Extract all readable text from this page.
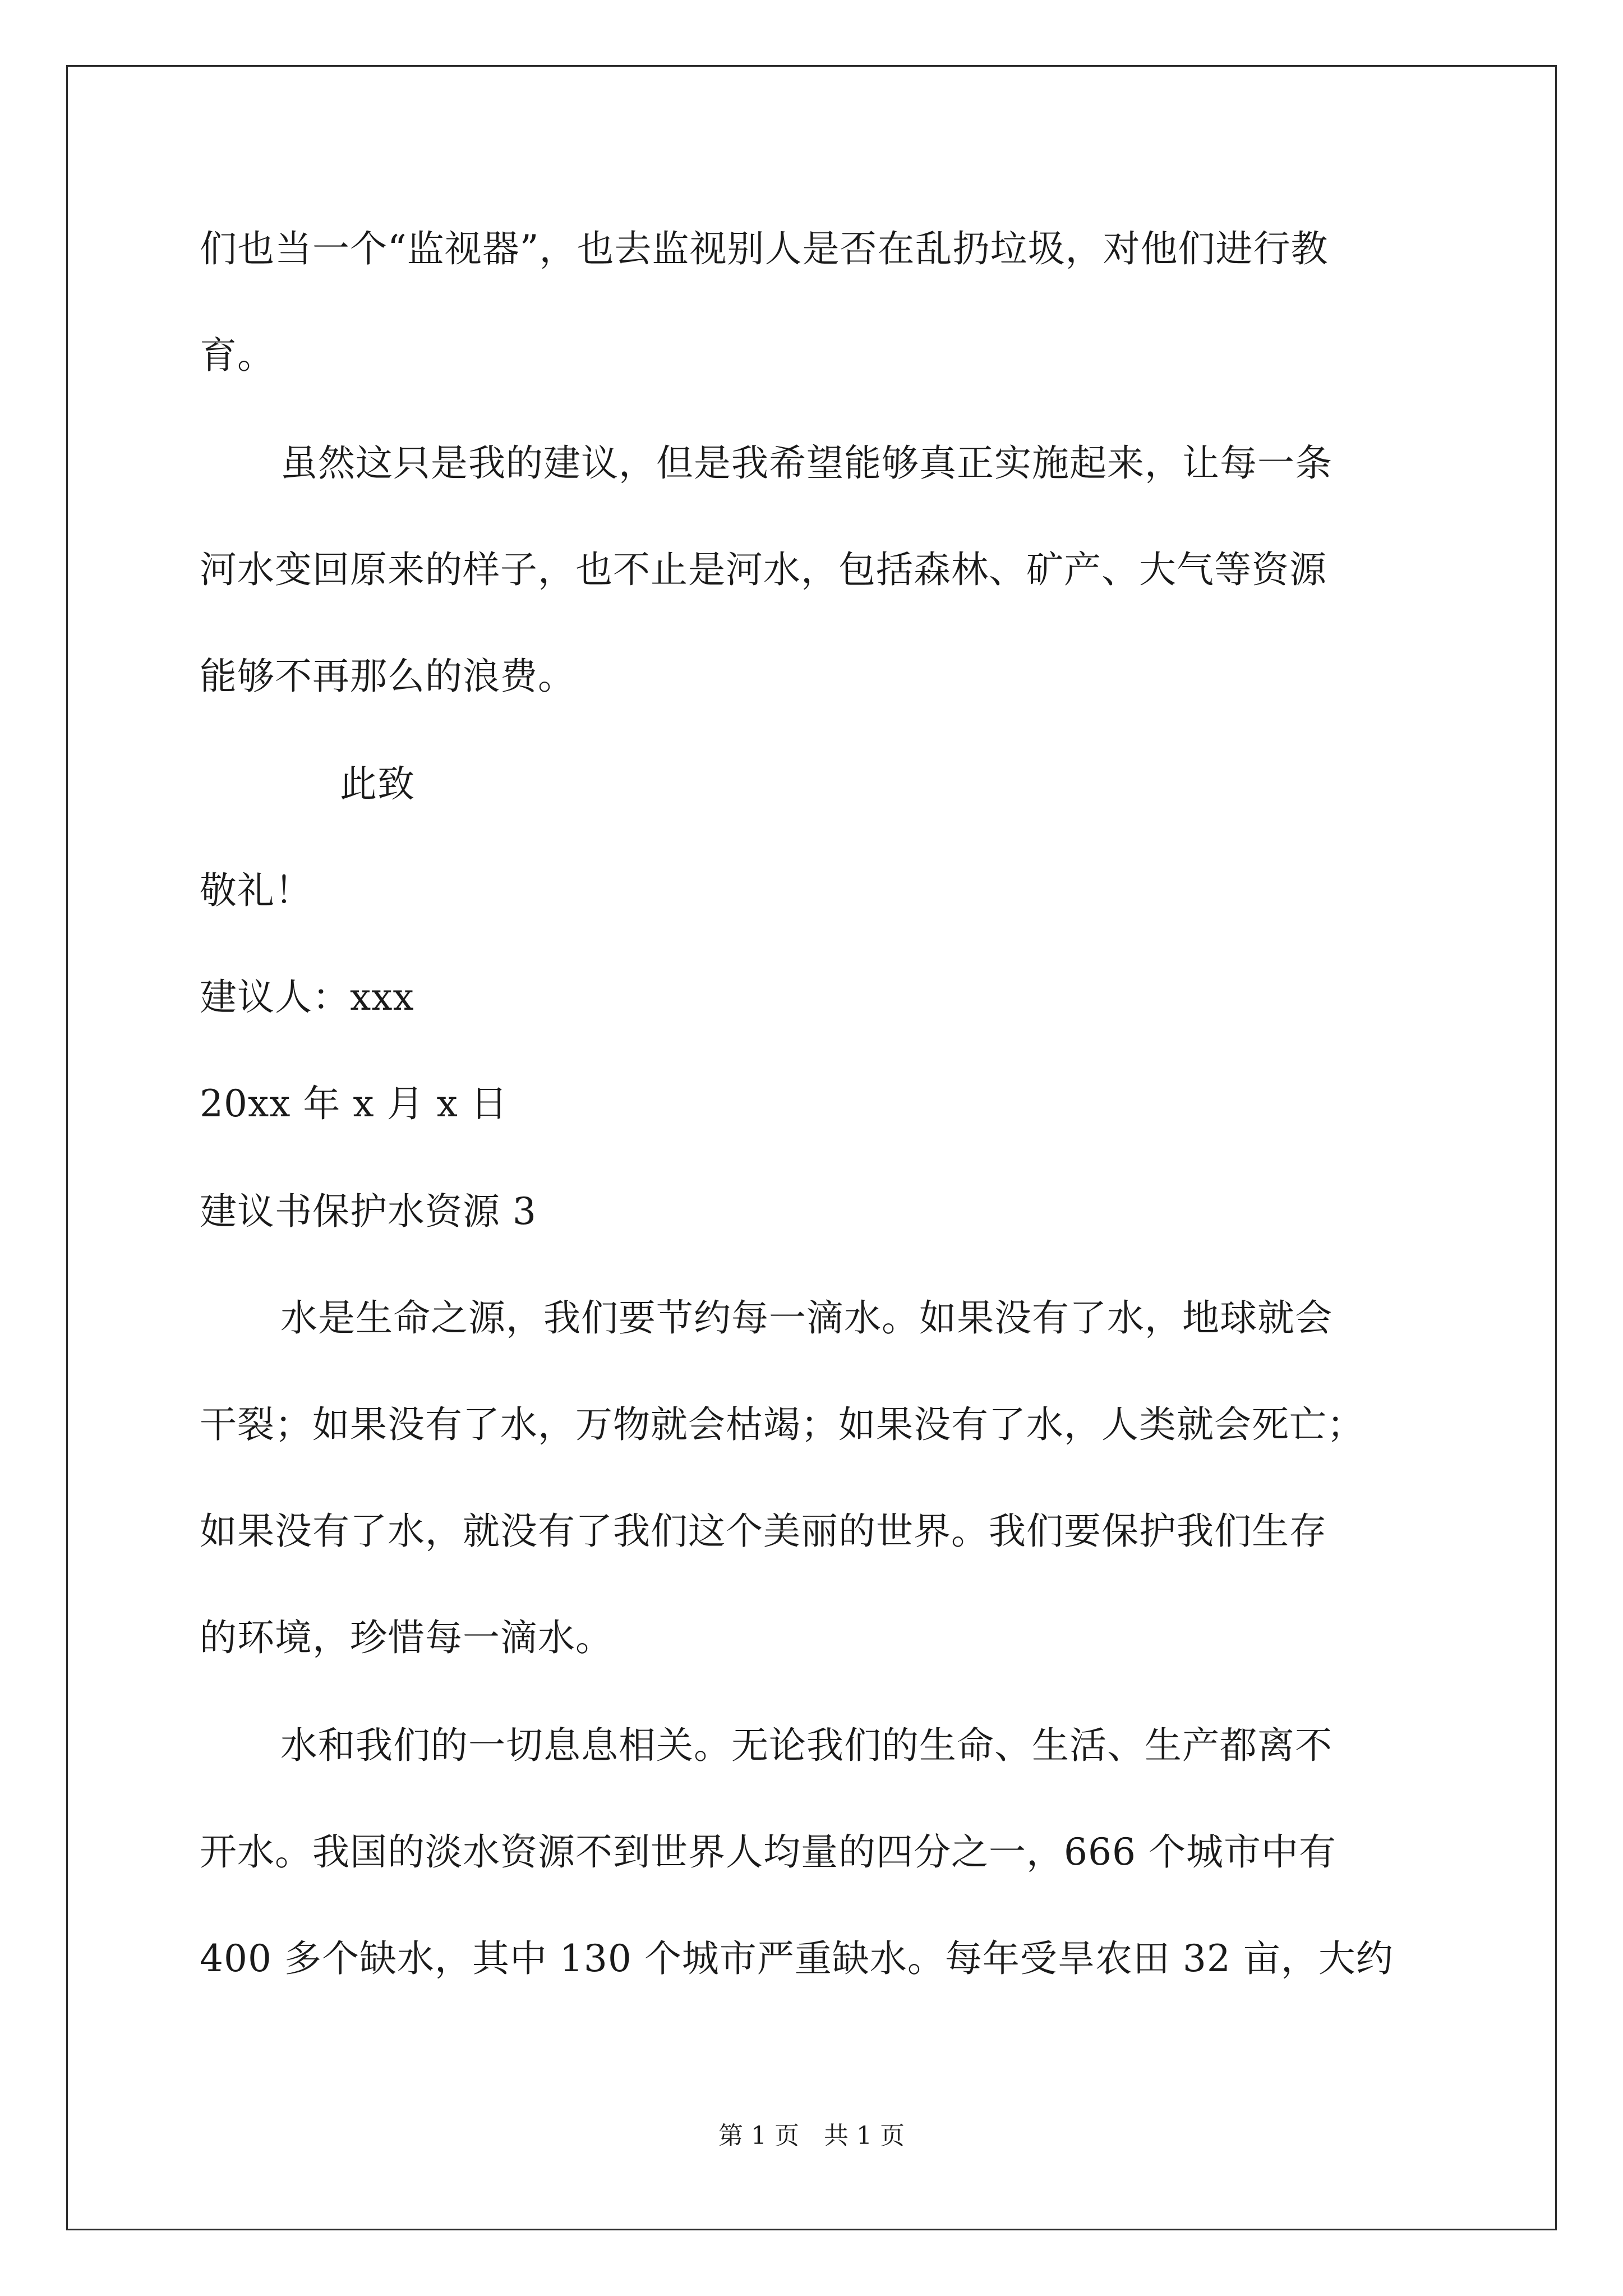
们也当一个“监视器”，也去监视别人是否在乱扔垃圾，对他们进行教

育。

虽然这只是我的建议，但是我希望能够真正实施起来，让每一条

河水变回原来的样子，也不止是河水，包括森林、矿产、大气等资源

能够不再那么的浪费。

此致

敬礼！

建议人：xxx

20xx 年 x 月 x 日

建议书保护水资源 3

水是生命之源，我们要节约每一滴水。如果没有了水，地球就会

干裂；如果没有了水，万物就会枯竭；如果没有了水，人类就会死亡；

如果没有了水，就没有了我们这个美丽的世界。我们要保护我们生存

的环境，珍惜每一滴水。

水和我们的一切息息相关。无论我们的生命、生活、生产都离不

开水。我国的淡水资源不到世界人均量的四分之一，666 个城市中有

400 多个缺水，其中 130 个城市严重缺水。每年受旱农田 32 亩，大约

第 1 页　共 1 页
